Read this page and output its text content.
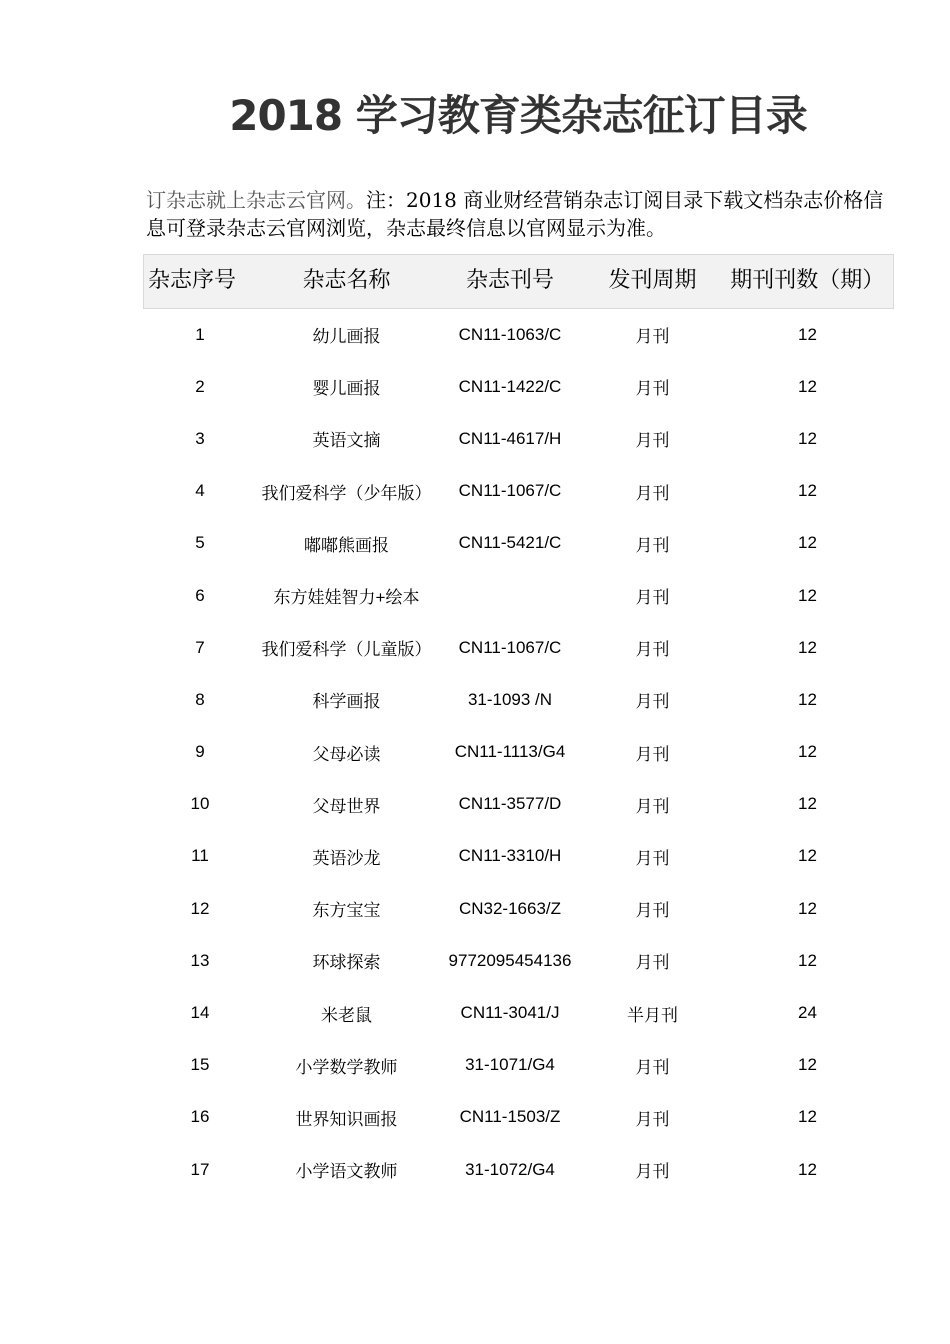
2018 学习教育类杂志征订目录
订杂志就上杂志云官网。注：2018 商业财经营销杂志订阅目录下载文档杂志价格信息可登录杂志云官网浏览，杂志最终信息以官网显示为准。
杂志序号	杂志名称	杂志刊号	发刊周期	期刊刊数（期）
1	幼儿画报	CN11-1063/C	月刊	12
2	婴儿画报	CN11-1422/C	月刊	12
3	英语文摘	CN11-4617/H	月刊	12
4	我们爱科学（少年版）	CN11-1067/C	月刊	12
5	嘟嘟熊画报	CN11-5421/C	月刊	12
6	东方娃娃智力+绘本		月刊	12
7	我们爱科学（儿童版）	CN11-1067/C	月刊	12
8	科学画报	31-1093 /N	月刊	12
9	父母必读	CN11-1113/G4	月刊	12
10	父母世界	CN11-3577/D	月刊	12
11	英语沙龙	CN11-3310/H	月刊	12
12	东方宝宝	CN32-1663/Z	月刊	12
13	环球探索	9772095454136	月刊	12
14	米老鼠	CN11-3041/J	半月刊	24
15	小学数学教师	31-1071/G4	月刊	12
16	世界知识画报	CN11-1503/Z	月刊	12
17	小学语文教师	31-1072/G4	月刊	12
